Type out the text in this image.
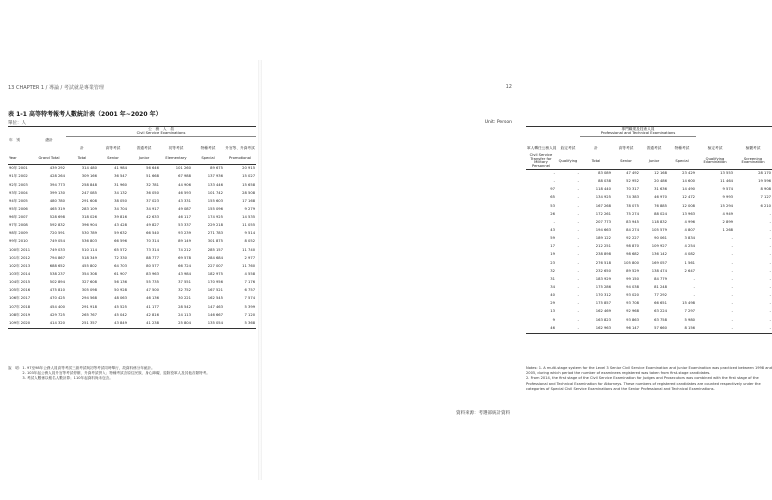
13 CHAPTER 1 / 導論 / 考試就是專業管理
表 1-1 高等特考報考人數統計表（2001 年~2020 年）
單位：人
年　別	總計	公　務　人　員
Civil Service Examinations					

		計	高等考試	普通考試	初等考試	特種考試	升官等、升資考試
Year	Grand Total	Total	Senior	Junior	Elementary	Special	Promotional
90年2001	439 292	314 480	41 984	56 646	101 260	89 675	20 915
91年2002	428 264	309 166	36 547	51 668	67 988	137 936	15 027
92年2003	394 773	258 848	31 960	32 781	44 906	133 446	15 658
93年2004	399 130	247 085	34 132	36 050	46 593	101 742	28 508
94年2005	480 780	291 608	38 050	37 023	43 331	155 603	17 168
95年2006	465 319	283 109	34 704	34 917	49 087	155 096	9 279
96年2007	528 698	318 026	39 816	42 633	46 117	174 925	14 535
97年2008	592 832	396 904	43 428	49 827	53 337	229 218	11 055
98年2009	720 591	530 789	59 632	66 540	93 239	271 783	9 514
99年2010	749 054	536 803	66 596	70 314	89 149	301 875	8 052
100年2011	749 033	510 114	65 572	73 314	74 212	285 157	11 740
101年2012	794 867	518 349	72 330	88 777	69 578	284 684	2 977
102年2013	688 652	455 802	64 703	80 577	66 724	227 007	11 760
103年2014	538 237	354 308	61 907	83 963	43 984	182 975	4 558
104年2015	502 894	327 608	56 136	55 735	37 551	170 956	7 176
105年2016	475 810	305 098	50 928	47 500	32 752	167 521	6 757
106年2017	470 425	294 568	48 063	46 136	30 221	162 545	7 574
107年2018	454 400	291 918	45 525	41 177	28 542	147 463	5 399
108年2019	429 725	265 767	45 042	42 816	24 113	146 667	7 120
109年2020	414 320	251 357	43 849	41 238	25 804	135 054	5 368
說　明：1. 97至98年公務人員高等考試三級考試與初等考試同時舉行，故資料係分年統計。
　　　　2. 103年起公務人員升官等考試停辦，升資考試併入；特種考試含原住民族、身心障礙、退除役軍人及其他各類特考。
　　　　3. 考試人數係以報名人數計算；110年起資料尚未包含。
12
Unit: Person

		專門職業及技術人員
Professional and Technical Examinations					

軍人轉任公務人員	銓定考試	計	高等考試	普通考試	特種考試	檢定考試	檢覈考試
Civil Service Transfer for Military Personnel	Qualifying	Total	Senior	Junior	Special	Qualifying Examination	Screening Examination
-	-	83 089	47 492	12 168	23 429	13 553	28 170
-	-	88 038	52 952	20 486	14 600	11 464	19 596
97	-	118 440	70 317	31 636	14 490	9 574	8 908
65	-	134 925	74 383	46 970	12 472	9 993	7 127
53	-	167 268	78 075	76 885	12 008	15 294	6 210
26	-	172 261	75 274	88 024	13 963	4 949	-
-	-	207 773	83 945	118 832	4 996	2 899	-
43	-	194 663	84 274	105 579	4 807	1 268	-
59	-	189 122	92 227	90 061	3 834	-	-
17	-	212 251	98 870	109 927	4 254	-	-
19	-	238 898	98 682	136 142	4 082	-	-
23	-	276 518	105 800	169 057	1 561	-	-
32	-	232 650	89 529	138 474	2 647	-	-
31	-	183 929	99 150	84 779	-	-	-
34	-	175 286	94 038	81 248	-	-	-
40	-	170 312	93 020	77 292	-	-	-
29	-	175 857	93 708	66 651	15 498	-	-
13	-	162 469	92 968	63 224	7 297	-	-
9	-	163 823	93 863	63 758	5 980	-	-
46	-	162 963	96 147	57 660	8 156	-	-
Notes: 1. A multi-stage system for the Level 3 Senior Civil Service Examination and Junior Examination was practiced between 1998 and 2005, during which period the number of examinees registered was taken from first-stage candidates.
2. From 2014, the first stage of the Civil Service Examination for Judges and Prosecutors was combined with the first stage of the Professional and Technical Examination for Attorneys. These numbers of registered candidates are counted respectively under the categories of Special Civil Service Examinations and the Senior Professional and Technical Examinations.
資料來源：考選部統計資料
